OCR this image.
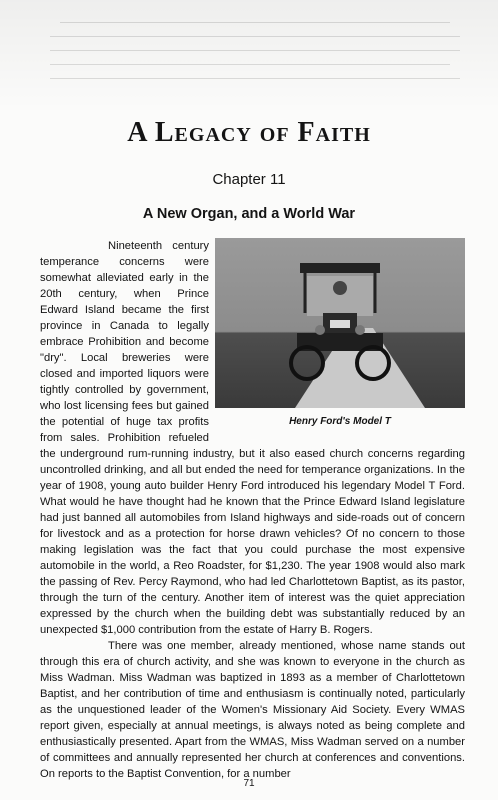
A Legacy of Faith
Chapter 11
A New Organ, and a World War
Henry Ford's Model T

Nineteenth century temperance concerns were somewhat alleviated early in the 20th century, when Prince Edward Island became the first province in Canada to legally embrace Prohibition and become "dry". Local breweries were closed and imported liquors were tightly controlled by government, who lost licensing fees but gained the potential of huge tax profits from sales. Prohibition refueled the underground rum-running industry, but it also eased church concerns regarding uncontrolled drinking, and all but ended the need for temperance organizations. In the year of 1908, young auto builder Henry Ford introduced his legendary Model T Ford. What would he have thought had he known that the Prince Edward Island legislature had just banned all automobiles from Island highways and side-roads out of concern for livestock and as a protection for horse drawn vehicles? Of no concern to those making legislation was the fact that you could purchase the most expensive automobile in the world, a Reo Roadster, for $1,230. The year 1908 would also mark the passing of Rev. Percy Raymond, who had led Charlottetown Baptist, as its pastor, through the turn of the century. Another item of interest was the quiet appreciation expressed by the church when the building debt was substantially reduced by an unexpected $1,000 contribution from the estate of Harry B. Rogers.

There was one member, already mentioned, whose name stands out through this era of church activity, and she was known to everyone in the church as Miss Wadman. Miss Wadman was baptized in 1893 as a member of Charlottetown Baptist, and her contribution of time and enthusiasm is continually noted, particularly as the unquestioned leader of the Women's Missionary Aid Society. Every WMAS report given, especially at annual meetings, is always noted as being complete and enthusiastically presented. Apart from the WMAS, Miss Wadman served on a number of committees and annually represented her church at conferences and conventions. On reports to the Baptist Convention, for a number

71
